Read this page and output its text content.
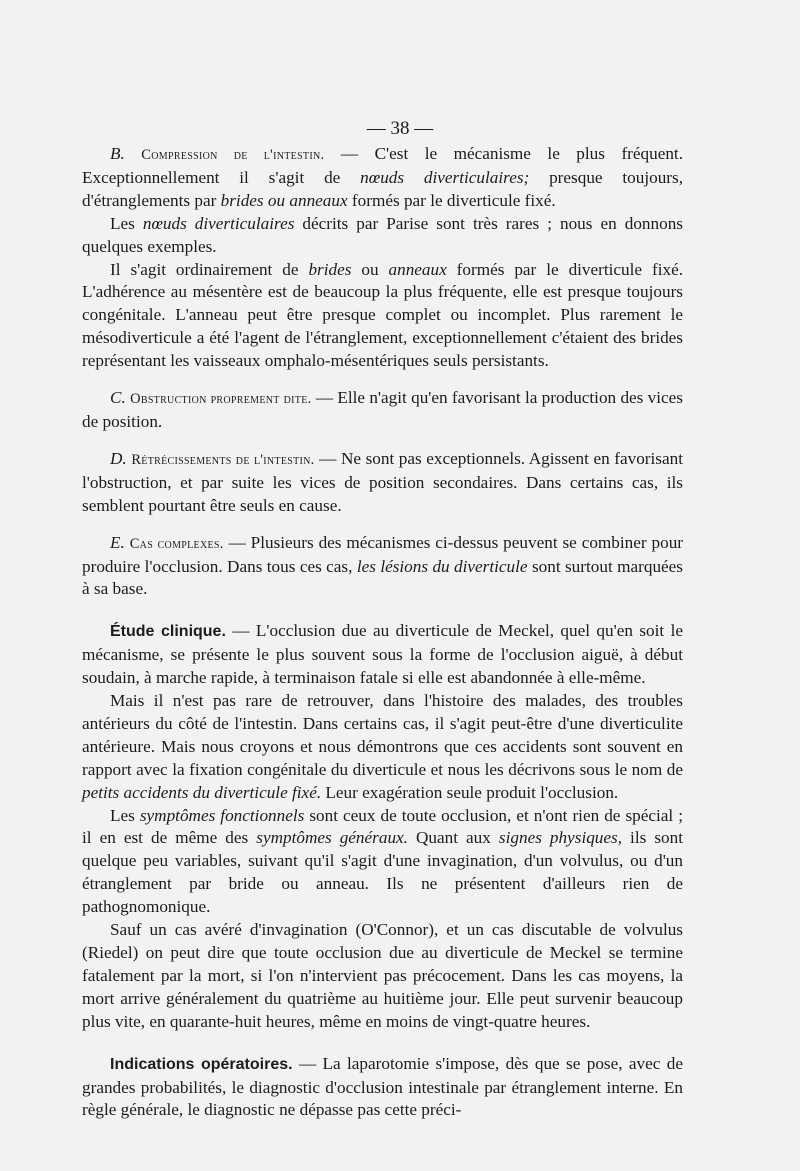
— 38 —

B. Compression de l'intestin. — C'est le mécanisme le plus fréquent. Exceptionnellement il s'agit de nœuds diverticulaires; presque toujours, d'étranglements par brides ou anneaux formés par le diverticule fixé.

Les nœuds diverticulaires décrits par Parise sont très rares ; nous en donnons quelques exemples.

Il s'agit ordinairement de brides ou anneaux formés par le diverticule fixé. L'adhérence au mésentère est de beaucoup la plus fréquente, elle est presque toujours congénitale. L'anneau peut être presque complet ou incomplet. Plus rarement le mésodiverticule a été l'agent de l'étranglement, exceptionnellement c'étaient des brides représentant les vaisseaux omphalo-mésentériques seuls persistants.

C. Obstruction proprement dite. — Elle n'agit qu'en favorisant la production des vices de position.

D. Rétrécissements de l'intestin. — Ne sont pas exceptionnels. Agissent en favorisant l'obstruction, et par suite les vices de position secondaires. Dans certains cas, ils semblent pourtant être seuls en cause.

E. Cas complexes. — Plusieurs des mécanismes ci-dessus peuvent se combiner pour produire l'occlusion. Dans tous ces cas, les lésions du diverticule sont surtout marquées à sa base.

Étude clinique. — L'occlusion due au diverticule de Meckel, quel qu'en soit le mécanisme, se présente le plus souvent sous la forme de l'occlusion aiguë, à début soudain, à marche rapide, à terminaison fatale si elle est abandonnée à elle-même.

Mais il n'est pas rare de retrouver, dans l'histoire des malades, des troubles antérieurs du côté de l'intestin. Dans certains cas, il s'agit peut-être d'une diverticulite antérieure. Mais nous croyons et nous démontrons que ces accidents sont souvent en rapport avec la fixation congénitale du diverticule et nous les décrivons sous le nom de petits accidents du diverticule fixé. Leur exagération seule produit l'occlusion.

Les symptômes fonctionnels sont ceux de toute occlusion, et n'ont rien de spécial ; il en est de même des symptômes généraux. Quant aux signes physiques, ils sont quelque peu variables, suivant qu'il s'agit d'une invagination, d'un volvulus, ou d'un étranglement par bride ou anneau. Ils ne présentent d'ailleurs rien de pathognomonique.

Sauf un cas avéré d'invagination (O'Connor), et un cas discutable de volvulus (Riedel) on peut dire que toute occlusion due au diverticule de Meckel se termine fatalement par la mort, si l'on n'intervient pas précocement. Dans les cas moyens, la mort arrive généralement du quatrième au huitième jour. Elle peut survenir beaucoup plus vite, en quarante-huit heures, même en moins de vingt-quatre heures.

Indications opératoires. — La laparotomie s'impose, dès que se pose, avec de grandes probabilités, le diagnostic d'occlusion intestinale par étranglement interne. En règle générale, le diagnostic ne dépasse pas cette préci-
